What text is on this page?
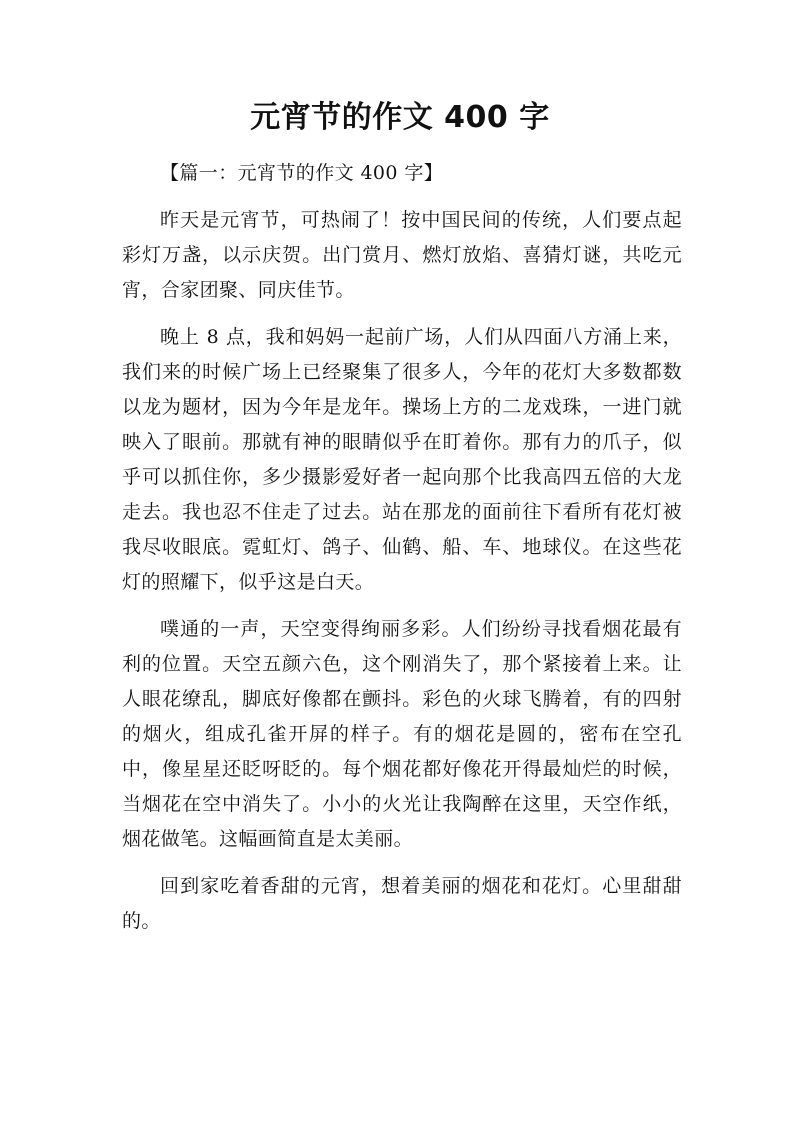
元宵节的作文 400 字

【篇一：元宵节的作文 400 字】

昨天是元宵节，可热闹了！按中国民间的传统，人们要点起彩灯万盏，以示庆贺。出门赏月、燃灯放焰、喜猜灯谜，共吃元宵，合家团聚、同庆佳节。

晚上 8 点，我和妈妈一起前广场，人们从四面八方涌上来，我们来的时候广场上已经聚集了很多人，今年的花灯大多数都数以龙为题材，因为今年是龙年。操场上方的二龙戏珠，一进门就映入了眼前。那就有神的眼睛似乎在盯着你。那有力的爪子，似乎可以抓住你，多少摄影爱好者一起向那个比我高四五倍的大龙走去。我也忍不住走了过去。站在那龙的面前往下看所有花灯被我尽收眼底。霓虹灯、鸽子、仙鹤、船、车、地球仪。在这些花灯的照耀下，似乎这是白天。

噗通的一声，天空变得绚丽多彩。人们纷纷寻找看烟花最有利的位置。天空五颜六色，这个刚消失了，那个紧接着上来。让人眼花缭乱，脚底好像都在颤抖。彩色的火球飞腾着，有的四射的烟火，组成孔雀开屏的样子。有的烟花是圆的，密布在空孔中，像星星还眨呀眨的。每个烟花都好像花开得最灿烂的时候，当烟花在空中消失了。小小的火光让我陶醉在这里，天空作纸，烟花做笔。这幅画简直是太美丽。

回到家吃着香甜的元宵，想着美丽的烟花和花灯。心里甜甜的。
